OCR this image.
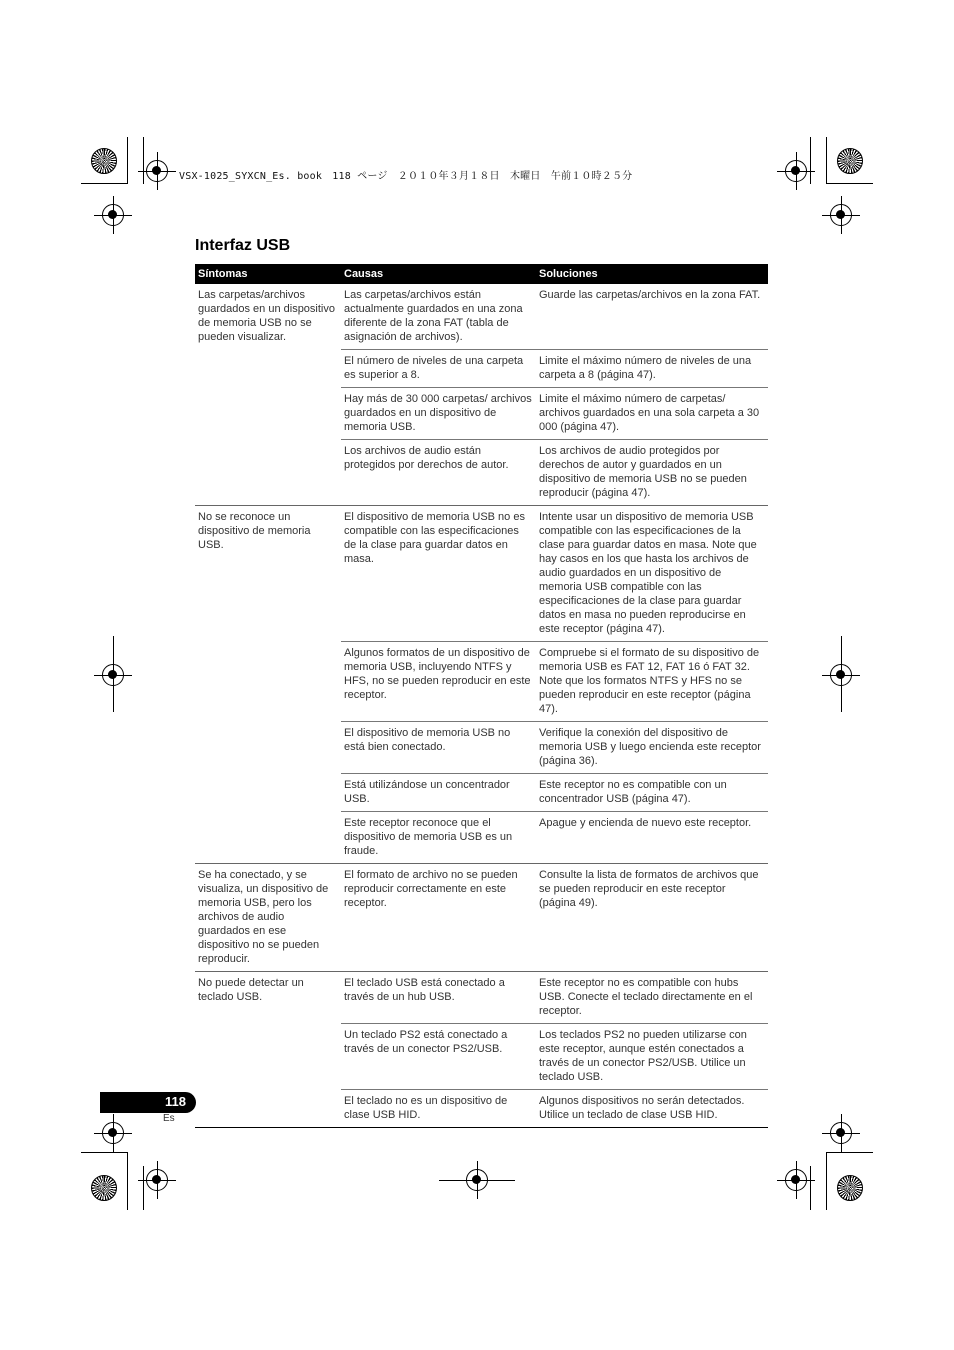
VSX-1025_SYXCN_Es. book　118 ページ　２０１０年３月１８日　木曜日　午前１０時２５分
Interfaz USB
Síntomas	Causas	Soluciones
Las carpetas/archivos guardados en un dispositivo de memoria USB no se pueden visualizar.	Las carpetas/archivos están actualmente guardados en una zona diferente de la zona FAT (tabla de asignación de archivos).	Guarde las carpetas/archivos en la zona FAT.
	El número de niveles de una carpeta es superior a 8.	Limite el máximo número de niveles de una carpeta a 8 (página 47).
	Hay más de 30 000 carpetas/ archivos guardados en un dispositivo de memoria USB.	Limite el máximo número de carpetas/ archivos guardados en una sola carpeta a 30 000 (página 47).
	Los archivos de audio están protegidos por derechos de autor.	Los archivos de audio protegidos por derechos de autor y guardados en un dispositivo de memoria USB no se pueden reproducir (página 47).
No se reconoce un dispositivo de memoria USB.	El dispositivo de memoria USB no es compatible con las especificaciones de la clase para guardar datos en masa.	Intente usar un dispositivo de memoria USB compatible con las especificaciones de la clase para guardar datos en masa. Note que hay casos en los que hasta los archivos de audio guardados en un dispositivo de memoria USB compatible con las especificaciones de la clase para guardar datos en masa no pueden reproducirse en este receptor (página 47).
	Algunos formatos de un dispositivo de memoria USB, incluyendo NTFS y HFS, no se pueden reproducir en este receptor.	Compruebe si el formato de su dispositivo de memoria USB es FAT 12, FAT 16 ó FAT 32. Note que los formatos NTFS y HFS no se pueden reproducir en este receptor (página 47).
	El dispositivo de memoria USB no está bien conectado.	Verifique la conexión del dispositivo de memoria USB y luego encienda este receptor (página 36).
	Está utilizándose un concentrador USB.	Este receptor no es compatible con un concentrador USB (página 47).
	Este receptor reconoce que el dispositivo de memoria USB es un fraude.	Apague y encienda de nuevo este receptor.
Se ha conectado, y se visualiza, un dispositivo de memoria USB, pero los archivos de audio guardados en ese dispositivo no se pueden reproducir.	El formato de archivo no se pueden reproducir correctamente en este receptor.	Consulte la lista de formatos de archivos que se pueden reproducir en este receptor (página 49).
No puede detectar un teclado USB.	El teclado USB está conectado a través de un hub USB.	Este receptor no es compatible con hubs USB. Conecte el teclado directamente en el receptor.
	Un teclado PS2 está conectado a través de un conector PS2/USB.	Los teclados PS2 no pueden utilizarse con este receptor, aunque estén conectados a través de un conector PS2/USB. Utilice un teclado USB.
	El teclado no es un dispositivo de clase USB HID.	Algunos dispositivos no serán detectados. Utilice un teclado de clase USB HID.
118
Es
